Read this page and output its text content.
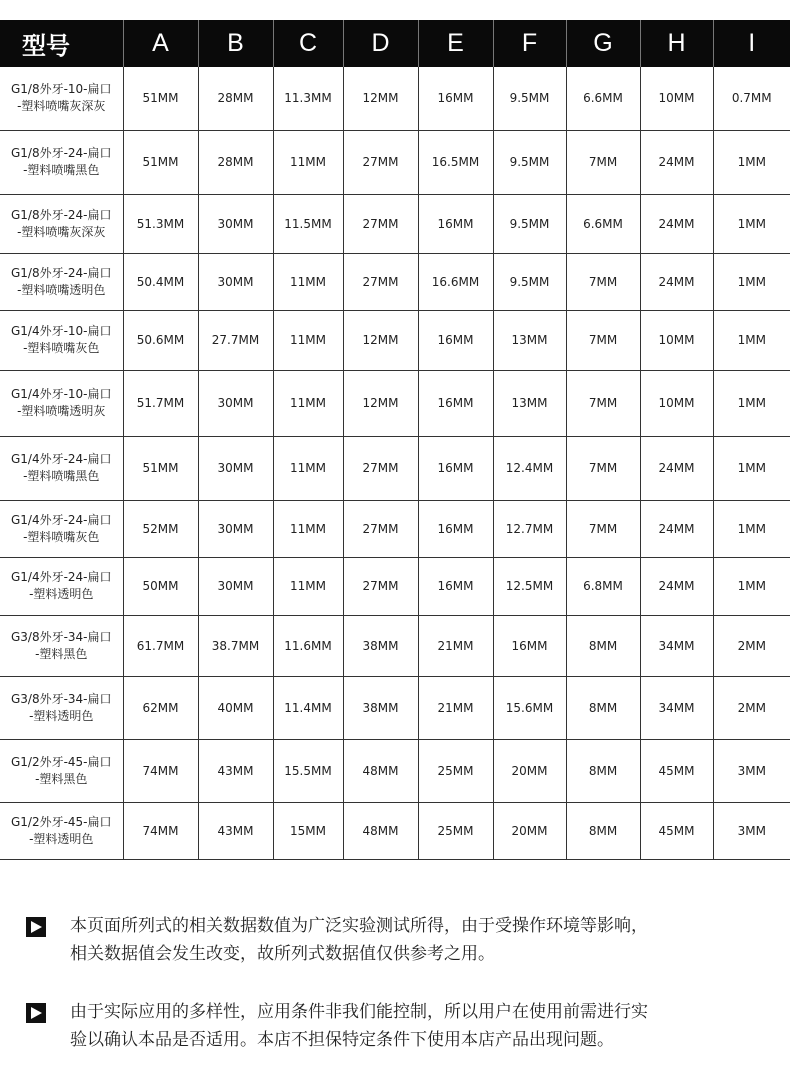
型号	A	B	C	D	E	F	G	H	I

G1/8外牙-10-扁口
-塑料喷嘴灰深灰	51MM	28MM	11.3MM	12MM	16MM	9.5MM	6.6MM	10MM	0.7MM

G1/8外牙-24-扁口
-塑料喷嘴黑色	51MM	28MM	11MM	27MM	16.5MM	9.5MM	7MM	24MM	1MM

G1/8外牙-24-扁口
-塑料喷嘴灰深灰	51.3MM	30MM	11.5MM	27MM	16MM	9.5MM	6.6MM	24MM	1MM

G1/8外牙-24-扁口
-塑料喷嘴透明色	50.4MM	30MM	11MM	27MM	16.6MM	9.5MM	7MM	24MM	1MM

G1/4外牙-10-扁口
-塑料喷嘴灰色	50.6MM	27.7MM	11MM	12MM	16MM	13MM	7MM	10MM	1MM

G1/4外牙-10-扁口
-塑料喷嘴透明灰	51.7MM	30MM	11MM	12MM	16MM	13MM	7MM	10MM	1MM

G1/4外牙-24-扁口
-塑料喷嘴黑色	51MM	30MM	11MM	27MM	16MM	12.4MM	7MM	24MM	1MM

G1/4外牙-24-扁口
-塑料喷嘴灰色	52MM	30MM	11MM	27MM	16MM	12.7MM	7MM	24MM	1MM

G1/4外牙-24-扁口
-塑料透明色	50MM	30MM	11MM	27MM	16MM	12.5MM	6.8MM	24MM	1MM

G3/8外牙-34-扁口
-塑料黑色	61.7MM	38.7MM	11.6MM	38MM	21MM	16MM	8MM	34MM	2MM

G3/8外牙-34-扁口
-塑料透明色	62MM	40MM	11.4MM	38MM	21MM	15.6MM	8MM	34MM	2MM

G1/2外牙-45-扁口
-塑料黑色	74MM	43MM	15.5MM	48MM	25MM	20MM	8MM	45MM	3MM

G1/2外牙-45-扁口
-塑料透明色	74MM	43MM	15MM	48MM	25MM	20MM	8MM	45MM	3MM
本页面所列式的相关数据数值为广泛实验测试所得，由于受操作环境等影响，
相关数据值会发生改变，故所列式数据值仅供参考之用。
由于实际应用的多样性，应用条件非我们能控制，所以用户在使用前需进行实
验以确认本品是否适用。本店不担保特定条件下使用本店产品出现问题。
